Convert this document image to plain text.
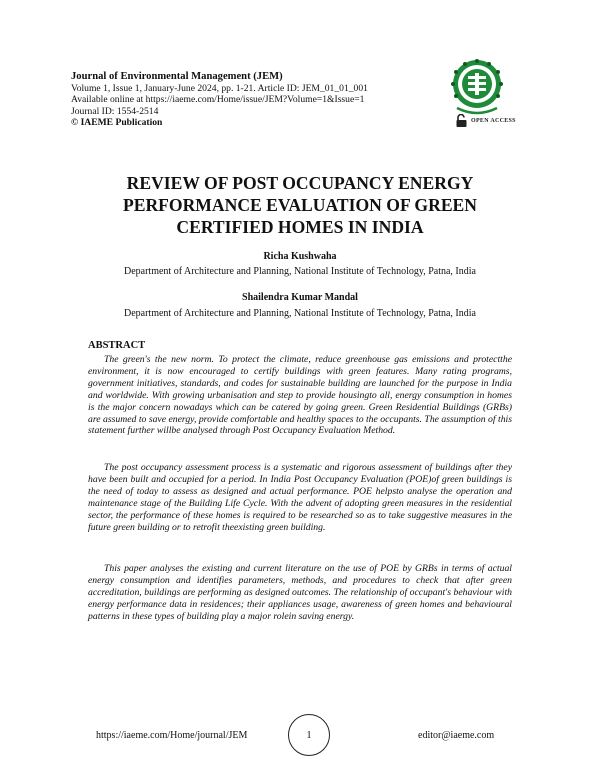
Journal of Environmental Management (JEM)
Volume 1, Issue 1, January-June 2024, pp. 1-21. Article ID: JEM_01_01_001
Available online at https://iaeme.com/Home/issue/JEM?Volume=1&Issue=1
Journal ID: 1554-2514
© IAEME Publication	OPEN ACCESS
REVIEW OF POST OCCUPANCY ENERGY
PERFORMANCE EVALUATION OF GREEN
CERTIFIED HOMES IN INDIA
Richa Kushwaha
Department of Architecture and Planning, National Institute of Technology, Patna, India
Shailendra Kumar Mandal
Department of Architecture and Planning, National Institute of Technology, Patna, India
ABSTRACT

The green's the new norm. To protect the climate, reduce greenhouse gas emissions and protectthe environment, it is now encouraged to certify buildings with green features. Many rating programs, government initiatives, standards, and codes for sustainable building are launched for the purpose in India and worldwide. With growing urbanisation and step to provide housingto all, energy consumption in homes is the major concern nowadays which can be catered by going green. Green Residential Buildings (GRBs) are assumed to save energy, provide comfortable and healthy spaces to the occupants. The assumption of this statement further willbe analysed through Post Occupancy Evaluation Method.

The post occupancy assessment process is a systematic and rigorous assessment of buildings after they have been built and occupied for a period. In India Post Occupancy Evaluation (POE)of green buildings is the need of today to assess as designed and actual performance. POE helpsto analyse the operation and maintenance stage of the Building Life Cycle. With the advent of adopting green measures in the residential sector, the performance of these homes is required to be researched so as to take suggestive measures in the future green building or to retrofit theexisting green building.

This paper analyses the existing and current literature on the use of POE by GRBs in terms of actual energy consumption and identifies parameters, methods, and procedures to check that after green accreditation, buildings are performing as designed outcomes. The relationship of occupant's behaviour with energy performance data in residences; their appliances usage, awareness of green homes and behavioural patterns in these types of building play a major rolein saving energy.

https://iaeme.com/Home/journal/JEM	1	editor@iaeme.com
